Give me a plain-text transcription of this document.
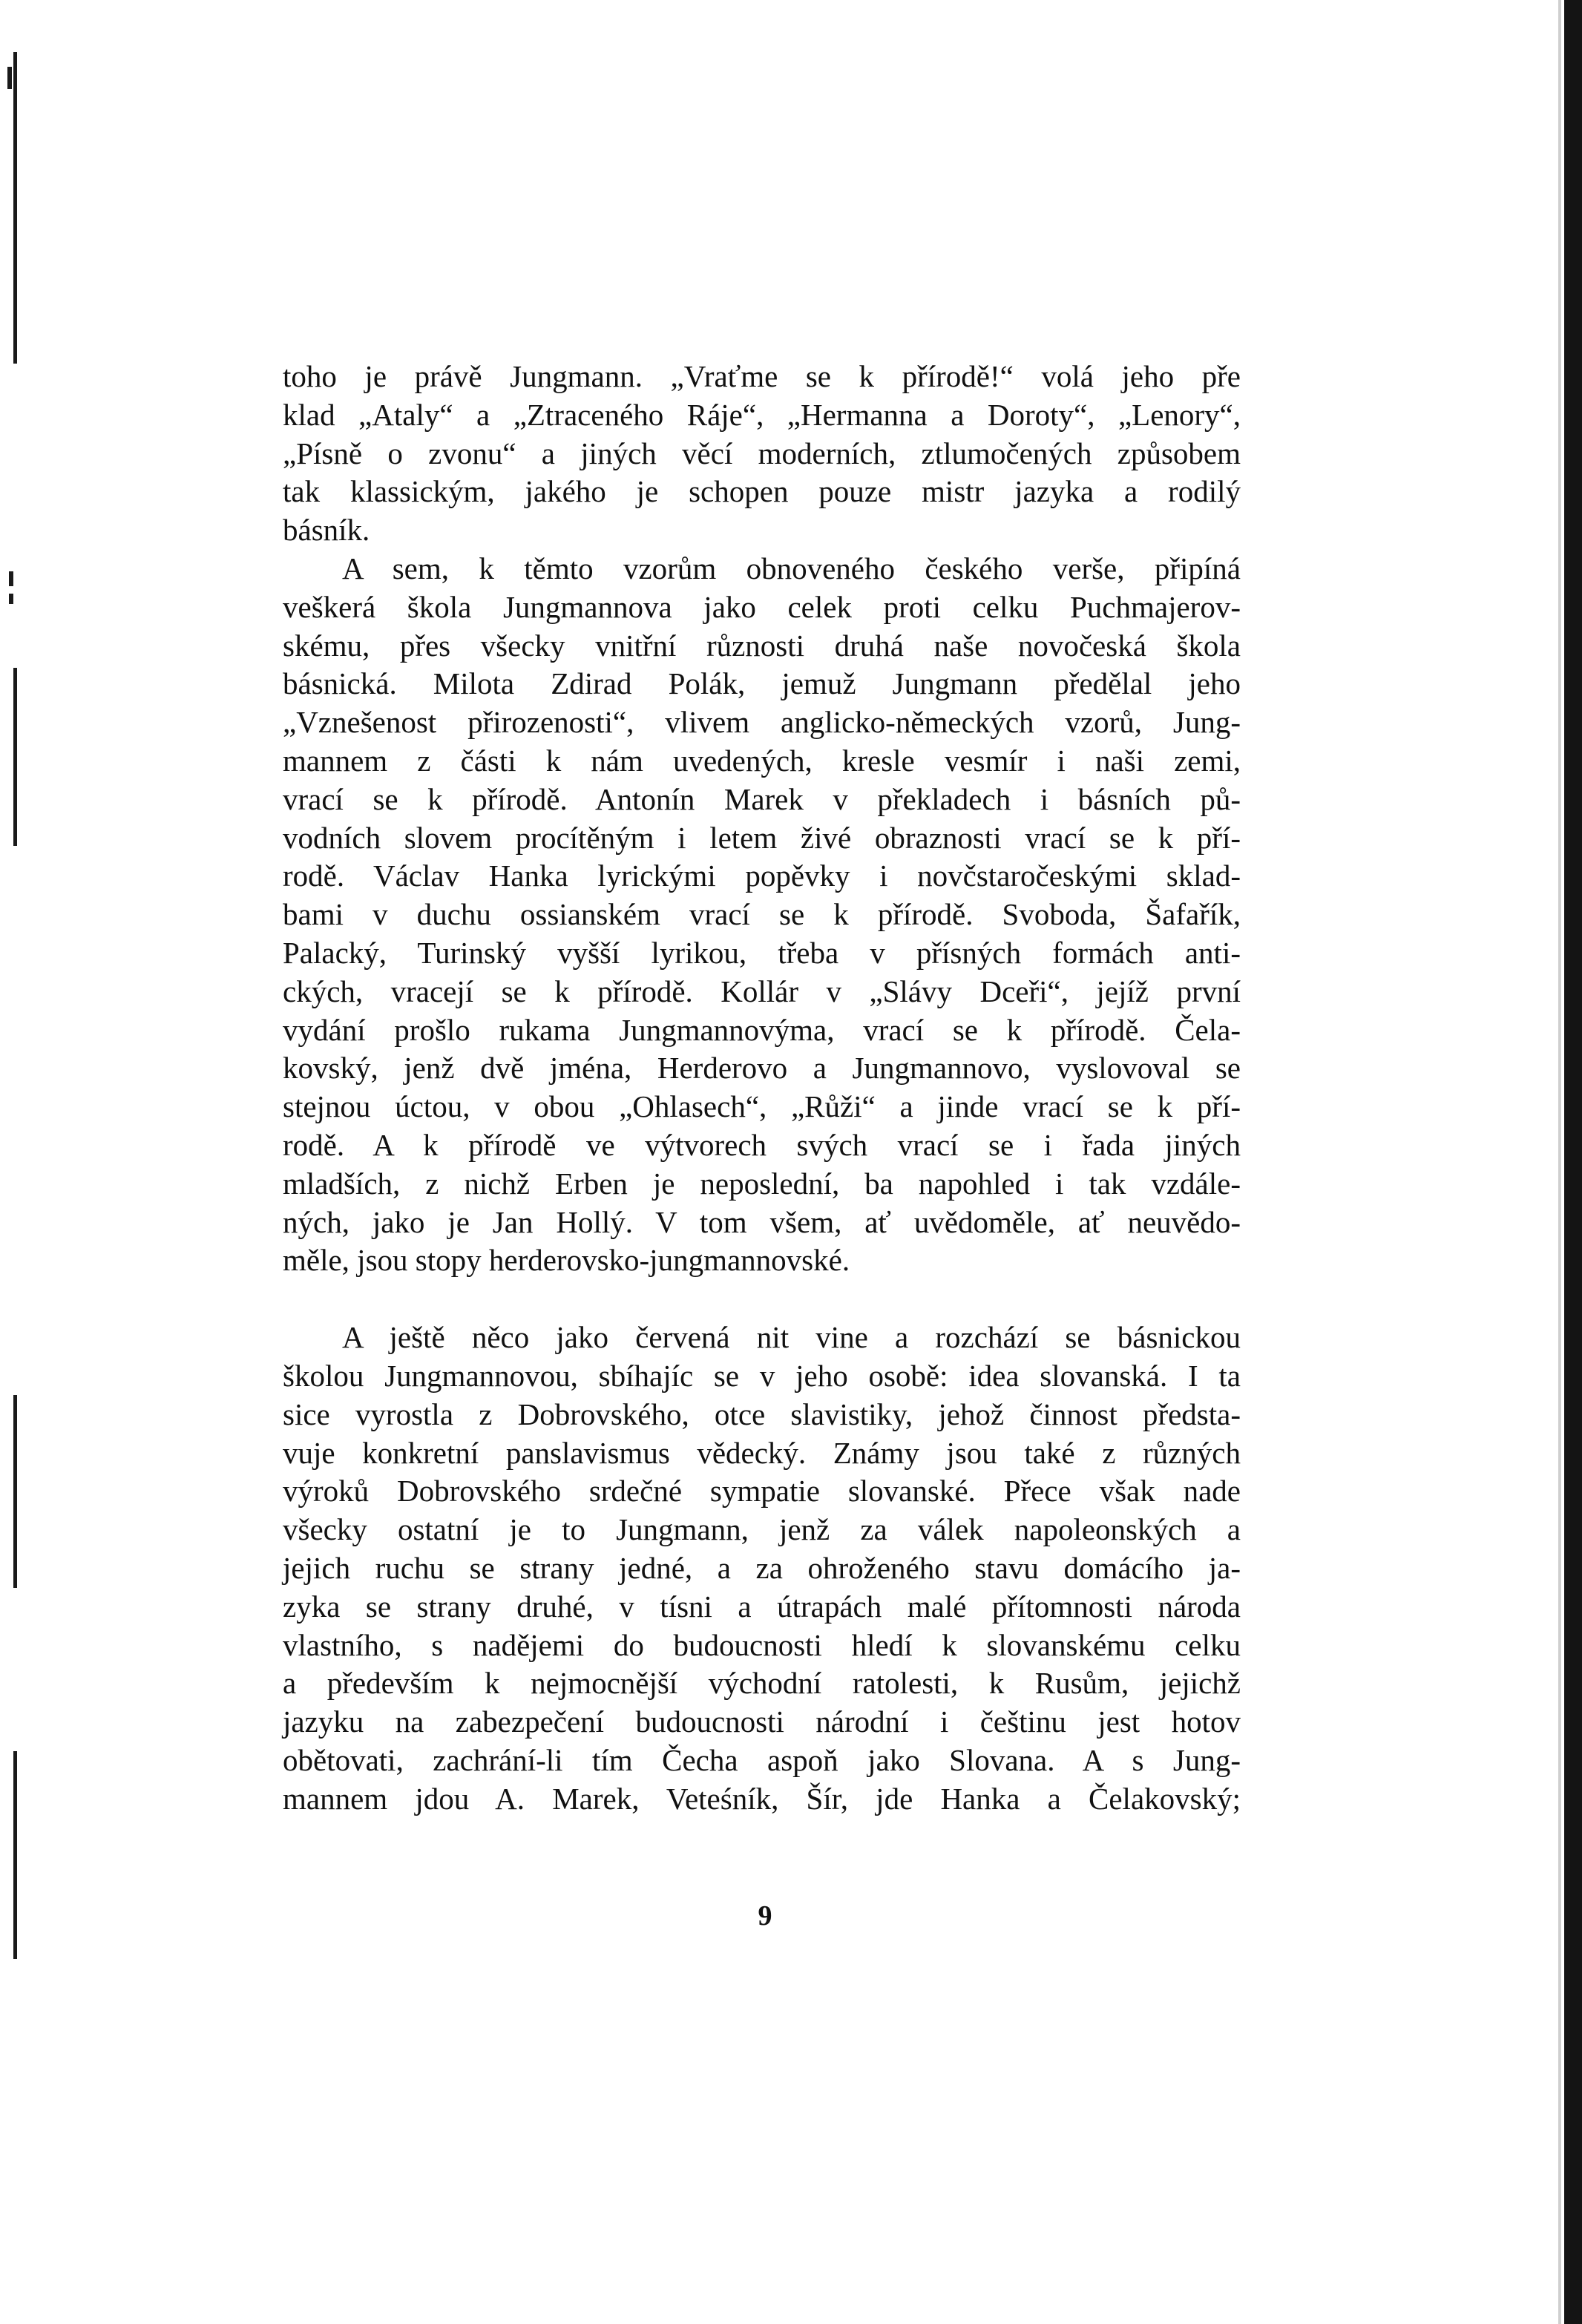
toho je právě Jungmann. „Vraťme se k přírodě!“ volá jeho pře
klad „Ataly“ a „Ztraceného Ráje“, „Hermanna a Doroty“, „Lenory“,
„Písně o zvonu“ a jiných věcí moderních, ztlumočených způsobem
tak klassickým, jakého je schopen pouze mistr jazyka a rodilý
básník.

A sem, k těmto vzorům obnoveného českého verše, připíná
veškerá škola Jungmannova jako celek proti celku Puchmajerov-
skému, přes všecky vnitřní různosti druhá naše novočeská škola
básnická. Milota Zdirad Polák, jemuž Jungmann předělal jeho
„Vznešenost přirozenosti“, vlivem anglicko-německých vzorů, Jung-
mannem z části k nám uvedených, kresle vesmír i naši zemi,
vrací se k přírodě. Antonín Marek v překladech i básních pů-
vodních slovem procítěným i letem živé obraznosti vrací se k pří-
rodě. Václav Hanka lyrickými popěvky i novčstaročeskými sklad-
bami v duchu ossianském vrací se k přírodě. Svoboda, Šafařík,
Palacký, Turinský vyšší lyrikou, třeba v přísných formách anti-
ckých, vracejí se k přírodě. Kollár v „Slávy Dceři“, jejíž první
vydání prošlo rukama Jungmannovýma, vrací se k přírodě. Čela-
kovský, jenž dvě jména, Herderovo a Jungmannovo, vyslovoval se
stejnou úctou, v obou „Ohlasech“, „Růži“ a jinde vrací se k pří-
rodě. A k přírodě ve výtvorech svých vrací se i řada jiných
mladších, z nichž Erben je neposlední, ba napohled i tak vzdále-
ných, jako je Jan Hollý. V tom všem, ať uvědoměle, ať neuvědo-
měle, jsou stopy herderovsko-jungmannovské.

A ještě něco jako červená nit vine a rozchází se básnickou
školou Jungmannovou, sbíhajíc se v jeho osobě: idea slovanská. I ta
sice vyrostla z Dobrovského, otce slavistiky, jehož činnost předsta-
vuje konkretní panslavismus vědecký. Známy jsou také z různých
výroků Dobrovského srdečné sympatie slovanské. Přece však nade
všecky ostatní je to Jungmann, jenž za válek napoleonských a
jejich ruchu se strany jedné, a za ohroženého stavu domácího ja-
zyka se strany druhé, v tísni a útrapách malé přítomnosti národa
vlastního, s nadějemi do budoucnosti hledí k slovanskému celku
a především k nejmocnější východní ratolesti, k Rusům, jejichž
jazyku na zabezpečení budoucnosti národní i češtinu jest hotov
obětovati, zachrání-li tím Čecha aspoň jako Slovana. A s Jung-
mannem jdou A. Marek, Veteśník, Šír, jde Hanka a Čelakovský;

9
